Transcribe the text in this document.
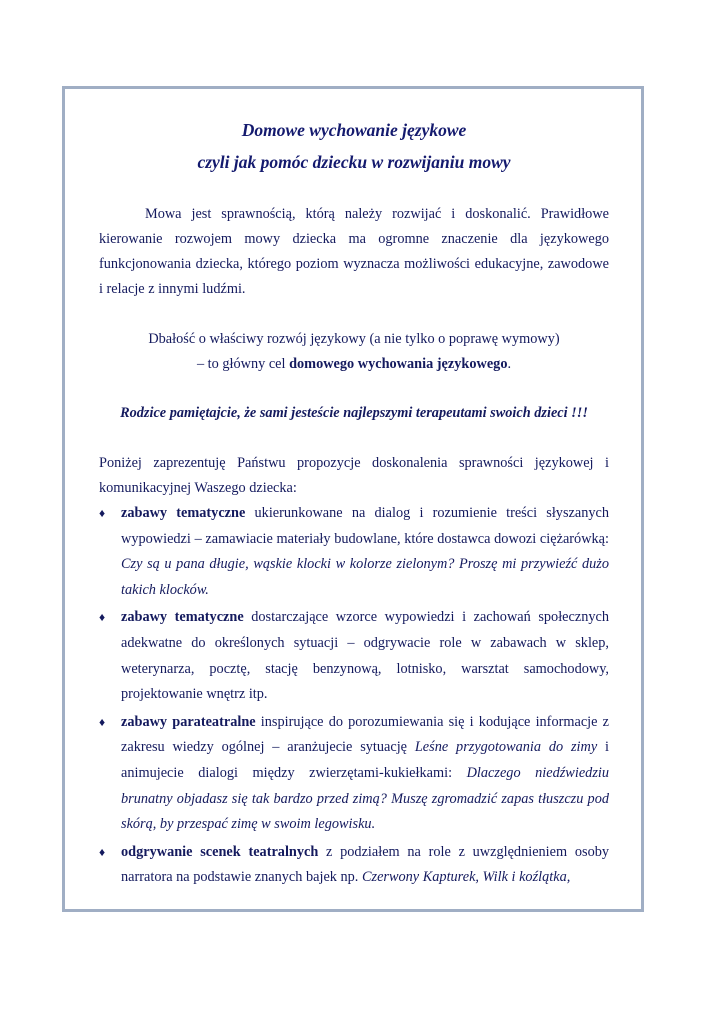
Domowe wychowanie językowe
czyli jak pomóc dziecku w rozwijaniu mowy

Mowa jest sprawnością, którą należy rozwijać i doskonalić. Prawidłowe kierowanie rozwojem mowy dziecka ma ogromne znaczenie dla językowego funkcjonowania dziecka, którego poziom wyznacza możliwości edukacyjne, zawodowe i relacje z innymi ludźmi.

Dbałość o właściwy rozwój językowy (a nie tylko o poprawę wymowy)
– to główny cel domowego wychowania językowego.

Rodzice pamiętajcie, że sami jesteście najlepszymi terapeutami swoich dzieci !!!

Poniżej zaprezentuję Państwu propozycje doskonalenia sprawności językowej i komunikacyjnej Waszego dziecka:

♦ zabawy tematyczne ukierunkowane na dialog i rozumienie treści słyszanych wypowiedzi – zamawiacie materiały budowlane, które dostawca dowozi ciężarówką: Czy są u pana długie, wąskie klocki w kolorze zielonym? Proszę mi przywieźć dużo takich klocków.
♦ zabawy tematyczne dostarczające wzorce wypowiedzi i zachowań społecznych adekwatne do określonych sytuacji – odgrywacie role w zabawach w sklep, weterynarza, pocztę, stację benzynową, lotnisko, warsztat samochodowy, projektowanie wnętrz itp.
♦ zabawy parateatralne inspirujące do porozumiewania się i kodujące informacje z zakresu wiedzy ogólnej – aranżujecie sytuację Leśne przygotowania do zimy i animujecie dialogi między zwierzętami-kukiełkami: Dlaczego niedźwiedziu brunatny objadasz się tak bardzo przed zimą? Muszę zgromadzić zapas tłuszczu pod skórą, by przespać zimę w swoim legowisku.
♦ odgrywanie scenek teatralnych z podziałem na role z uwzględnieniem osoby narratora na podstawie znanych bajek np. Czerwony Kapturek, Wilk i koźlątka,
